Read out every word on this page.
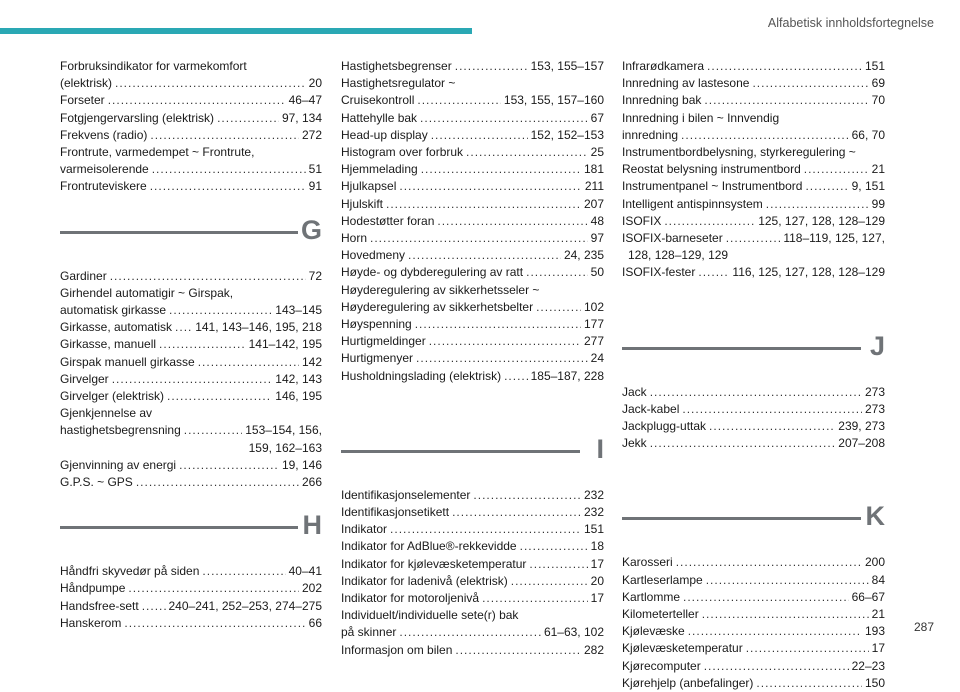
Alfabetisk innholdsfortegnelse
Forbruksindikator for varmekomfort
(elektrisk) .....	20
Forseter .....	46–47
Fotgjengervarsling (elektrisk) .....	97, 134
Frekvens (radio) .....	272
Frontrute, varmedempet ~ Frontrute,
varmeisolerende .....	51
Frontruteviskere .....	91
G
Gardiner .....	72
Girhendel automatigir ~ Girspak,
automatisk girkasse .....	143–145
Girkasse, automatisk ..... 141, 143–146, 195, 218
Girkasse, manuell .....	141–142, 195
Girspak manuell girkasse .....	142
Girvelger .....	142, 143
Girvelger (elektrisk) .....	146, 195
Gjenkjennelse av
hastighetsbegrensning .....	153–154, 156,
159, 162–163
Gjenvinning av energi .....	19, 146
G.P.S. ~ GPS .....	266
H
Håndfri skyvedør på siden .....	40–41
Håndpumpe .....	202
Handsfree-sett ..... 240–241, 252–253, 274–275
Hanskerom .....	66
Hastighetsbegrenser .....	153, 155–157
Hastighetsregulator ~
Cruisekontroll .....	153, 155, 157–160
Hattehylle bak .....	67
Head-up display .....	152, 152–153
Histogram over forbruk .....	25
Hjemmelading .....	181
Hjulkapsel .....	211
Hjulskift .....	207
Hodestøtter foran .....	48
Horn .....	97
Hovedmeny .....	24, 235
Høyde- og dybderegulering av ratt .....	50
Høyderegulering av sikkerhetsseler ~
Høyderegulering av sikkerhetsbelter .....	102
Høyspenning .....	177
Hurtigmeldinger .....	277
Hurtigmenyer .....	24
Husholdningslading (elektrisk) ..... 185–187, 228
I
Identifikasjonselementer .....	232
Identifikasjonsetikett .....	232
Indikator .....	151
Indikator for AdBlue®-rekkevidde .....	18
Indikator for kjølevæsketemperatur .....	17
Indikator for ladenivå (elektrisk) .....	20
Indikator for motoroljenivå .....	17
Individuelt/individuelle sete(r) bak
på skinner .....	61–63, 102
Informasjon om bilen .....	282
Infrarødkamera .....	151
Innredning av lastesone .....	69
Innredning bak .....	70
Innredning i bilen ~ Innvendig
innredning .....	66, 70
Instrumentbordbelysning, styrkeregulering ~
Reostat belysning instrumentbord .....	21
Instrumentpanel ~ Instrumentbord .....	9, 151
Intelligent antispinnsystem .....	99
ISOFIX .....	125, 127, 128, 128–129
ISOFIX-barneseter .....	118–119, 125, 127,
128, 128–129, 129
ISOFIX-fester .....	116, 125, 127, 128, 128–129
J
Jack .....	273
Jack-kabel .....	273
Jackplugg-uttak .....	239, 273
Jekk .....	207–208
K
Karosseri .....	200
Kartleserlampe .....	84
Kartlomme .....	66–67
Kilometerteller .....	21
Kjølevæske .....	193
Kjølevæsketemperatur .....	17
Kjørecomputer .....	22–23
Kjørehjelp (anbefalinger) .....	150
287
